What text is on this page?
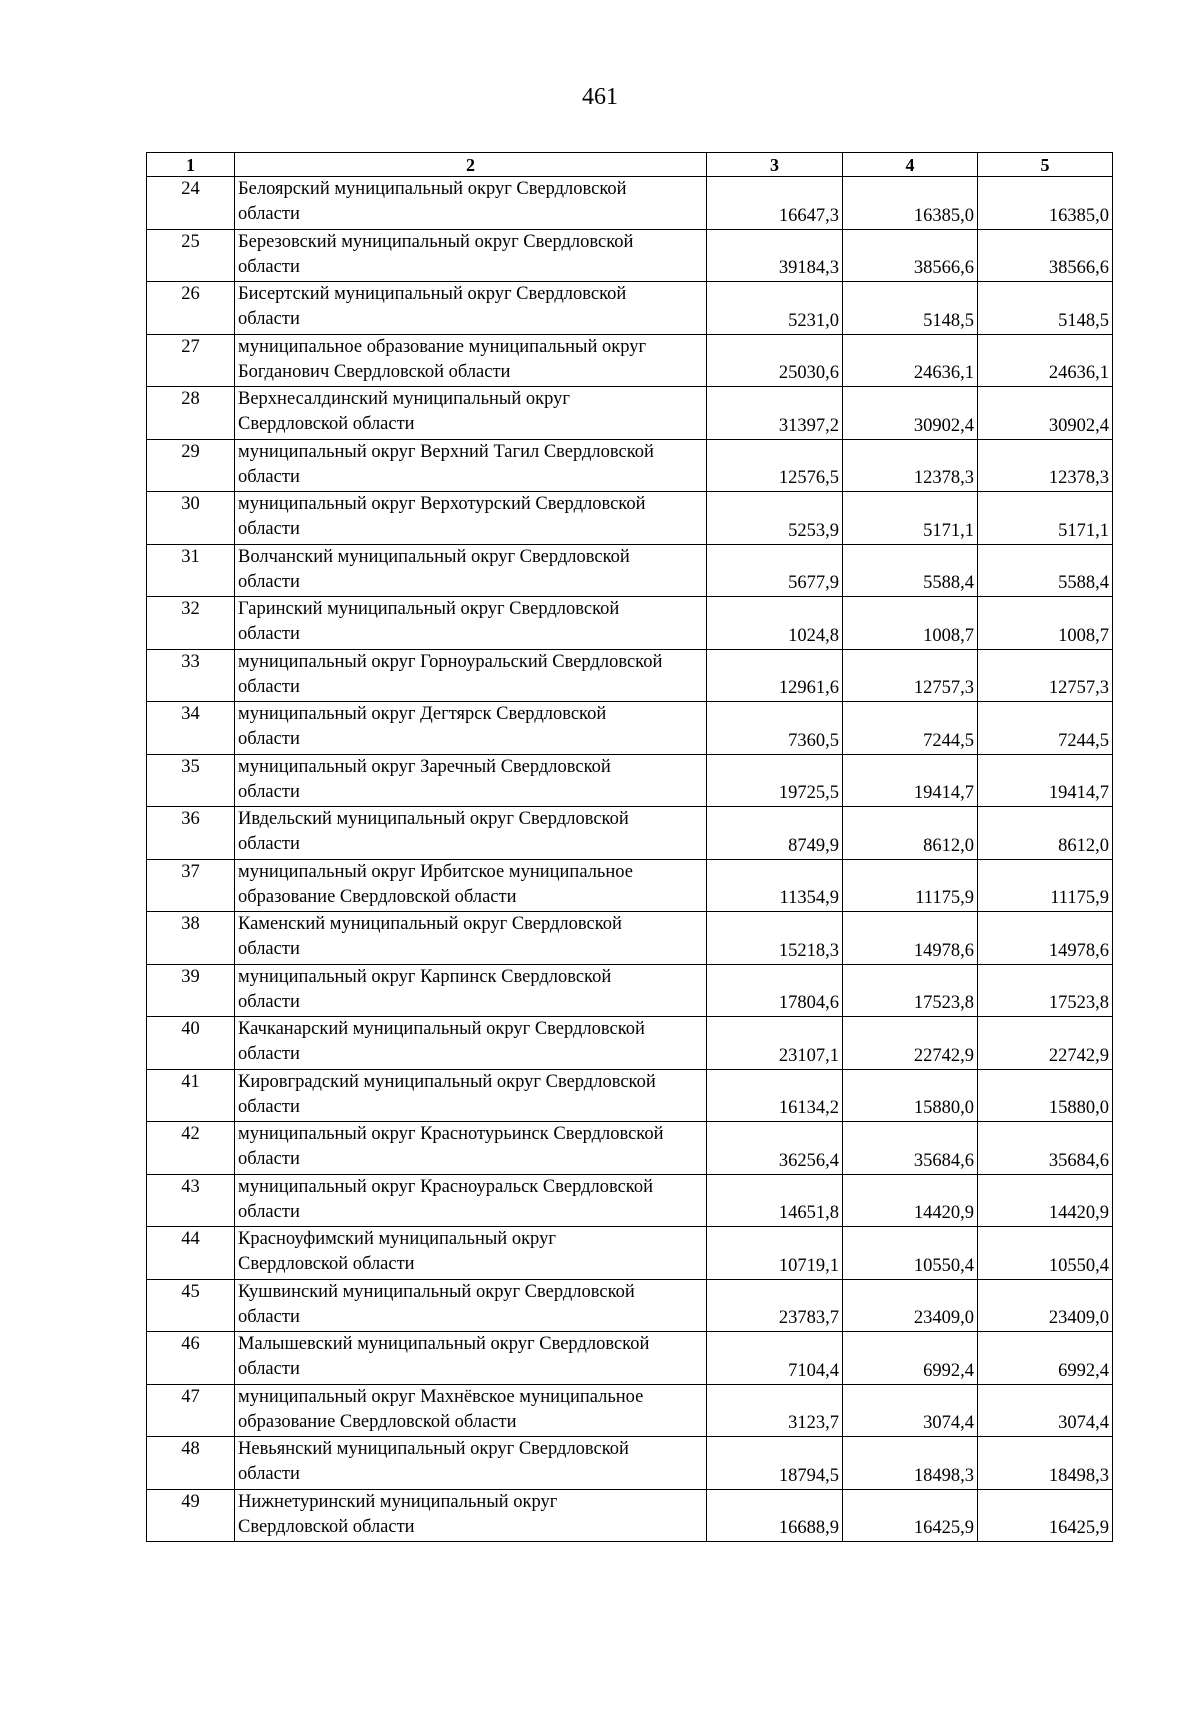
461
1	2	3	4	5
24	Белоярский муниципальный округ Свердловской
области	16647,3	16385,0	16385,0
25	Березовский муниципальный округ Свердловской
области	39184,3	38566,6	38566,6
26	Бисертский муниципальный округ Свердловской
области	5231,0	5148,5	5148,5
27	муниципальное образование муниципальный округ
Богданович Свердловской области	25030,6	24636,1	24636,1
28	Верхнесалдинский муниципальный округ
Свердловской области	31397,2	30902,4	30902,4
29	муниципальный округ Верхний Тагил Свердловской
области	12576,5	12378,3	12378,3
30	муниципальный округ Верхотурский Свердловской
области	5253,9	5171,1	5171,1
31	Волчанский муниципальный округ Свердловской
области	5677,9	5588,4	5588,4
32	Гаринский муниципальный округ Свердловской
области	1024,8	1008,7	1008,7
33	муниципальный округ Горноуральский Свердловской
области	12961,6	12757,3	12757,3
34	муниципальный округ Дегтярск Свердловской
области	7360,5	7244,5	7244,5
35	муниципальный округ Заречный Свердловской
области	19725,5	19414,7	19414,7
36	Ивдельский муниципальный округ Свердловской
области	8749,9	8612,0	8612,0
37	муниципальный округ Ирбитское муниципальное
образование Свердловской области	11354,9	11175,9	11175,9
38	Каменский муниципальный округ Свердловской
области	15218,3	14978,6	14978,6
39	муниципальный округ Карпинск Свердловской
области	17804,6	17523,8	17523,8
40	Качканарский муниципальный округ Свердловской
области	23107,1	22742,9	22742,9
41	Кировградский муниципальный округ Свердловской
области	16134,2	15880,0	15880,0
42	муниципальный округ Краснотурьинск Свердловской
области	36256,4	35684,6	35684,6
43	муниципальный округ Красноуральск Свердловской
области	14651,8	14420,9	14420,9
44	Красноуфимский муниципальный округ
Свердловской области	10719,1	10550,4	10550,4
45	Кушвинский муниципальный округ Свердловской
области	23783,7	23409,0	23409,0
46	Малышевский муниципальный округ Свердловской
области	7104,4	6992,4	6992,4
47	муниципальный округ Махнёвское муниципальное
образование Свердловской области	3123,7	3074,4	3074,4
48	Невьянский муниципальный округ Свердловской
области	18794,5	18498,3	18498,3
49	Нижнетуринский муниципальный округ
Свердловской области	16688,9	16425,9	16425,9
